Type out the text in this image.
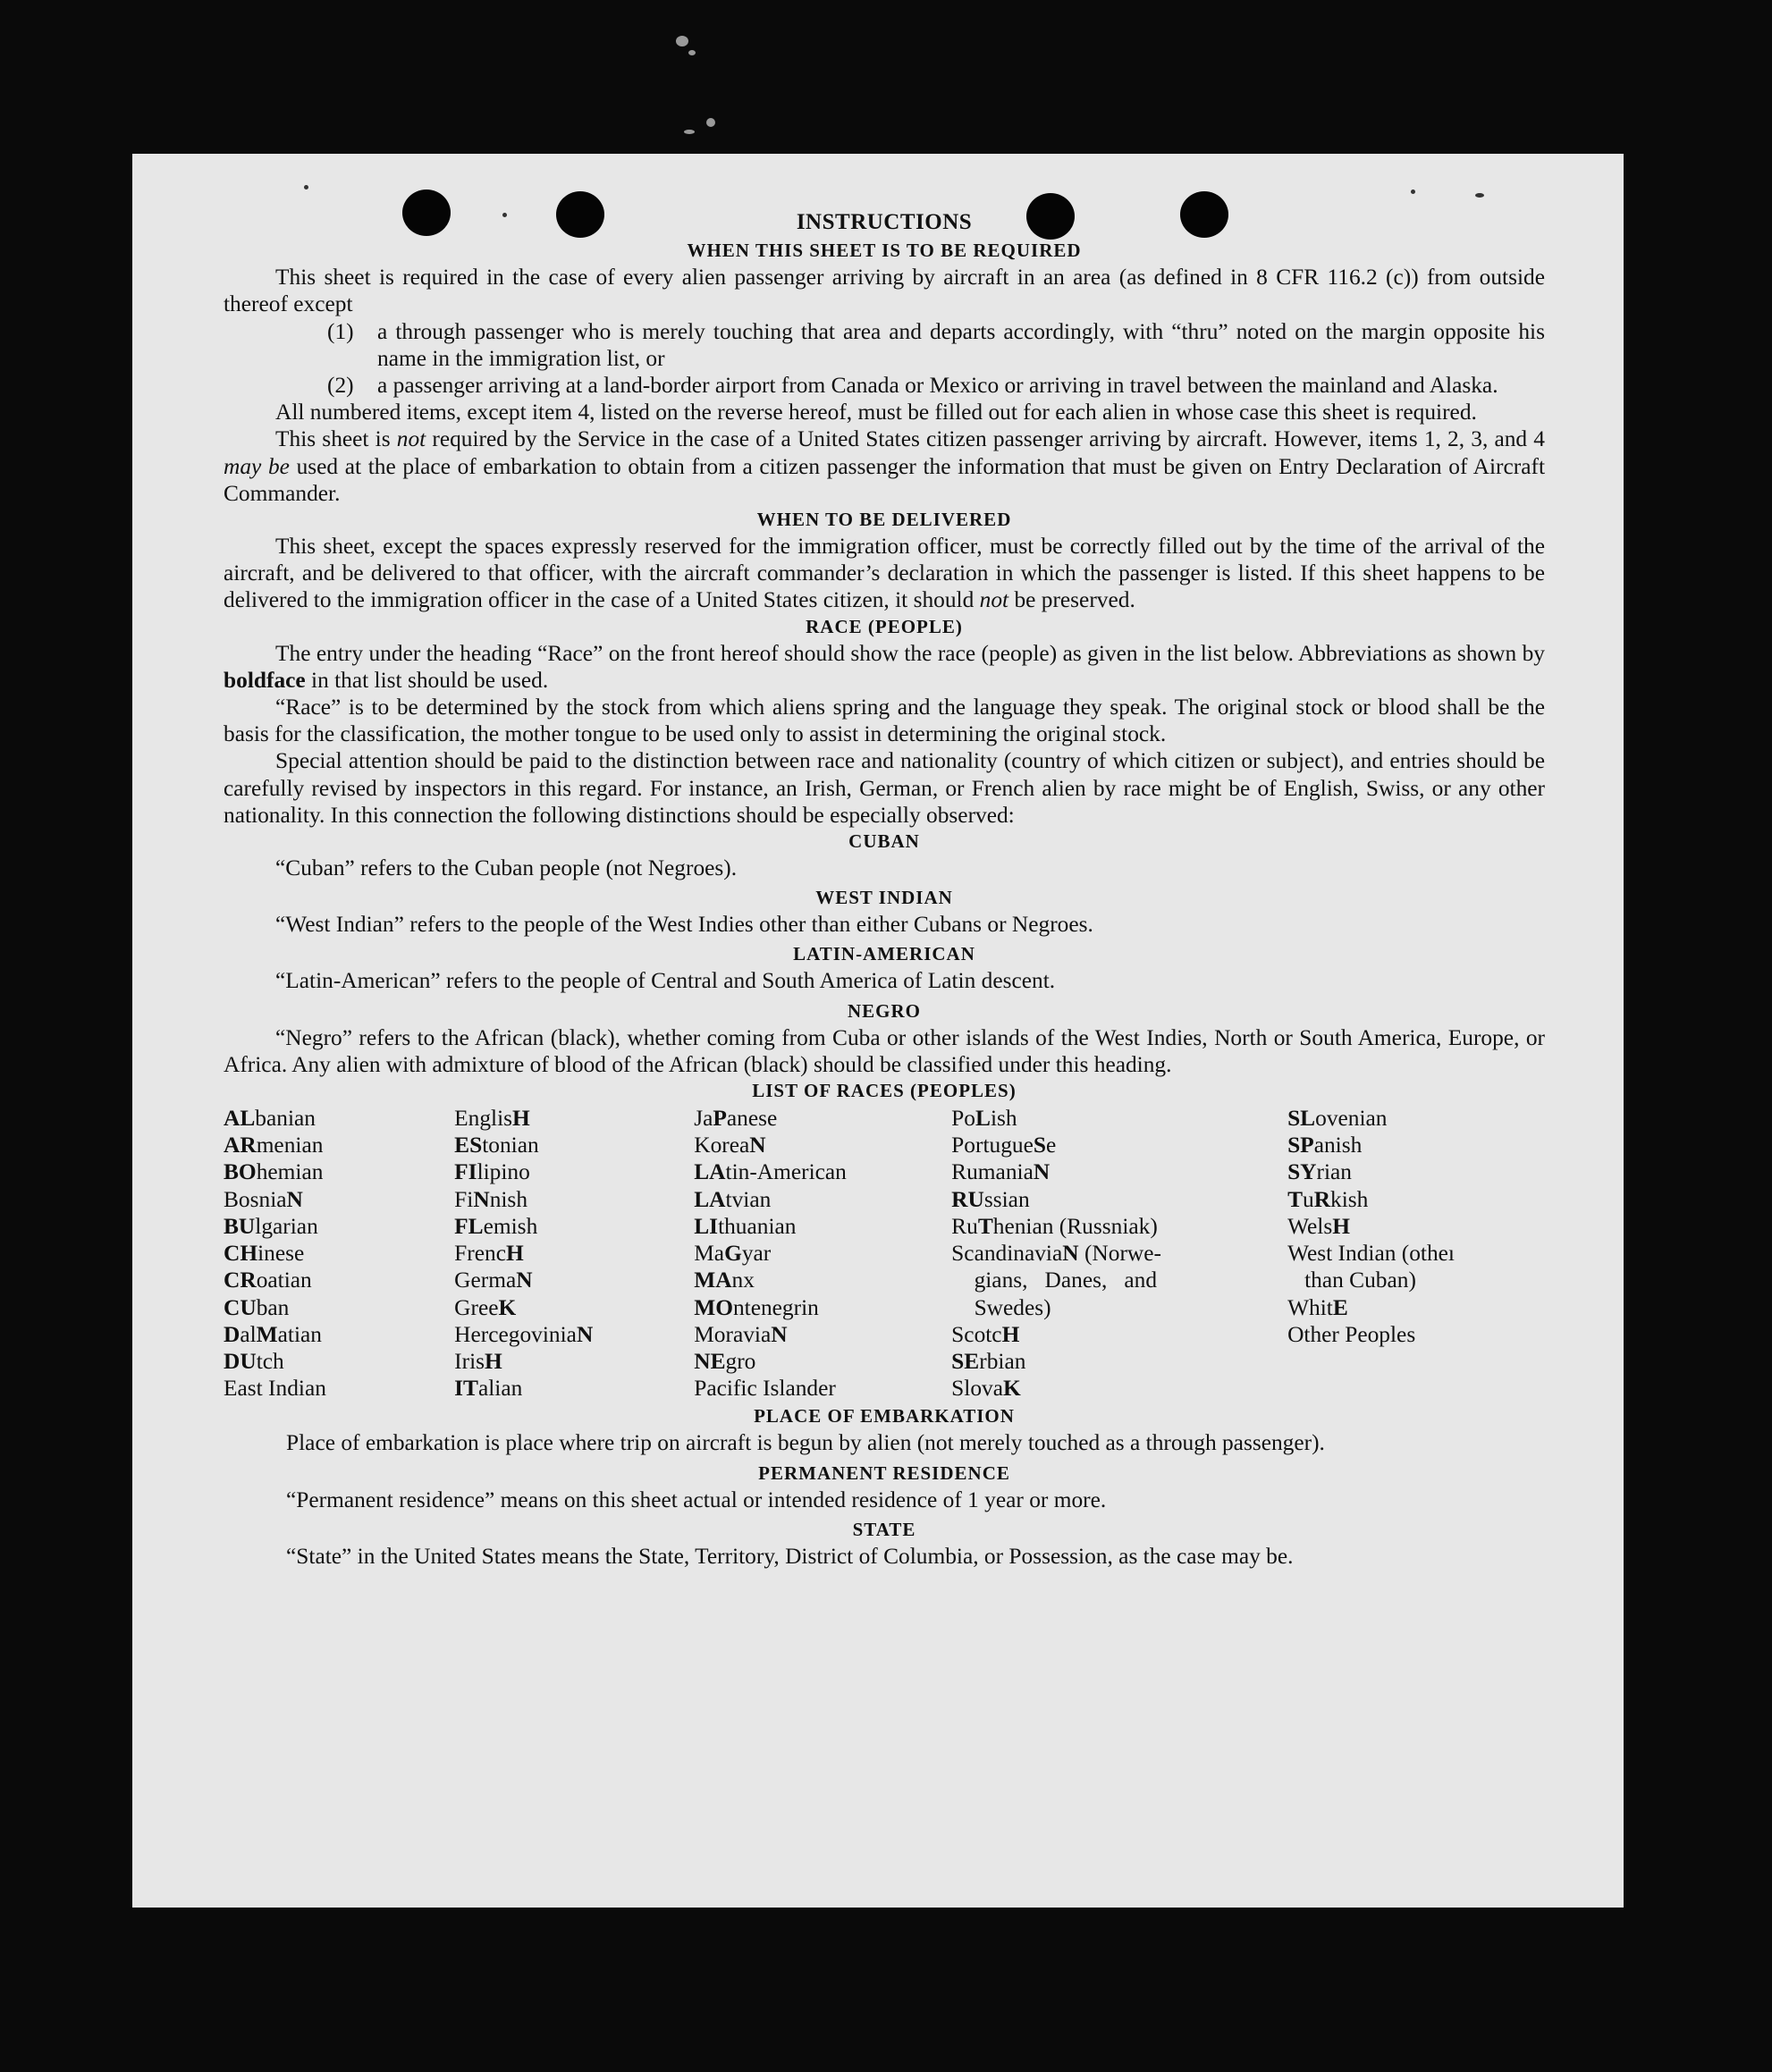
INSTRUCTIONS
WHEN THIS SHEET IS TO BE REQUIRED

This sheet is required in the case of every alien passenger arriving by aircraft in an area (as defined in 8 CFR 116.2 (c)) from outside thereof except

(1) a through passenger who is merely touching that area and departs accordingly, with “thru” noted on the margin opposite his name in the immigration list, or

(2) a passenger arriving at a land-border airport from Canada or Mexico or arriving in travel between the mainland and Alaska.

All numbered items, except item 4, listed on the reverse hereof, must be filled out for each alien in whose case this sheet is required.

This sheet is not required by the Service in the case of a United States citizen passenger arriving by aircraft. However, items 1, 2, 3, and 4 may be used at the place of embarkation to obtain from a citizen passenger the information that must be given on Entry Declaration of Aircraft Commander.

WHEN TO BE DELIVERED

This sheet, except the spaces expressly reserved for the immigration officer, must be correctly filled out by the time of the arrival of the aircraft, and be delivered to that officer, with the aircraft commander’s declaration in which the passenger is listed. If this sheet happens to be delivered to the immigration officer in the case of a United States citizen, it should not be preserved.

RACE (PEOPLE)

The entry under the heading “Race” on the front hereof should show the race (people) as given in the list below. Abbreviations as shown by boldface in that list should be used.

“Race” is to be determined by the stock from which aliens spring and the language they speak. The original stock or blood shall be the basis for the classification, the mother tongue to be used only to assist in determining the original stock.

Special attention should be paid to the distinction between race and nationality (country of which citizen or subject), and entries should be carefully revised by inspectors in this regard. For instance, an Irish, German, or French alien by race might be of English, Swiss, or any other nationality. In this connection the following distinctions should be especially observed:

CUBAN

“Cuban” refers to the Cuban people (not Negroes).

WEST INDIAN

“West Indian” refers to the people of the West Indies other than either Cubans or Negroes.

LATIN-AMERICAN

“Latin-American” refers to the people of Central and South America of Latin descent.

NEGRO

“Negro” refers to the African (black), whether coming from Cuba or other islands of the West Indies, North or South America, Europe, or Africa. Any alien with admixture of blood of the African (black) should be classified under this heading.

LIST OF RACES (PEOPLES)
ALbanian
ARmenian
BOhemian
BosniaN
BUlgarian
CHinese
CRoatian
CUban
DalMatian
DUtch
East Indian
EnglisH
EStonian
FIlipino
FiNnish
FLemish
FrencH
GermaN
GreeK
HercegoviniaN
IrisH
ITalian
JaPanese
KoreaN
LAtin-American
LAtvian
LIthuanian
MaGyar
MAnx
MOntenegrin
MoraviaN
NEgro
Pacific Islander
PoLish
PortugueSe
RumaniaN
RUssian
RuThenian (Russniak)
ScandinaviaN (Norwe-
gians,   Danes,   and
Swedes)
ScotcH
SErbian
SlovaK
SLovenian
SPanish
SYrian
TuRkish
WelsH
West Indian (otheı
than Cuban)
WhitE
Other Peoples
PLACE OF EMBARKATION

Place of embarkation is place where trip on aircraft is begun by alien (not merely touched as a through passenger).

PERMANENT RESIDENCE

“Permanent residence” means on this sheet actual or intended residence of 1 year or more.

STATE

“State” in the United States means the State, Territory, District of Columbia, or Possession, as the case may be.
